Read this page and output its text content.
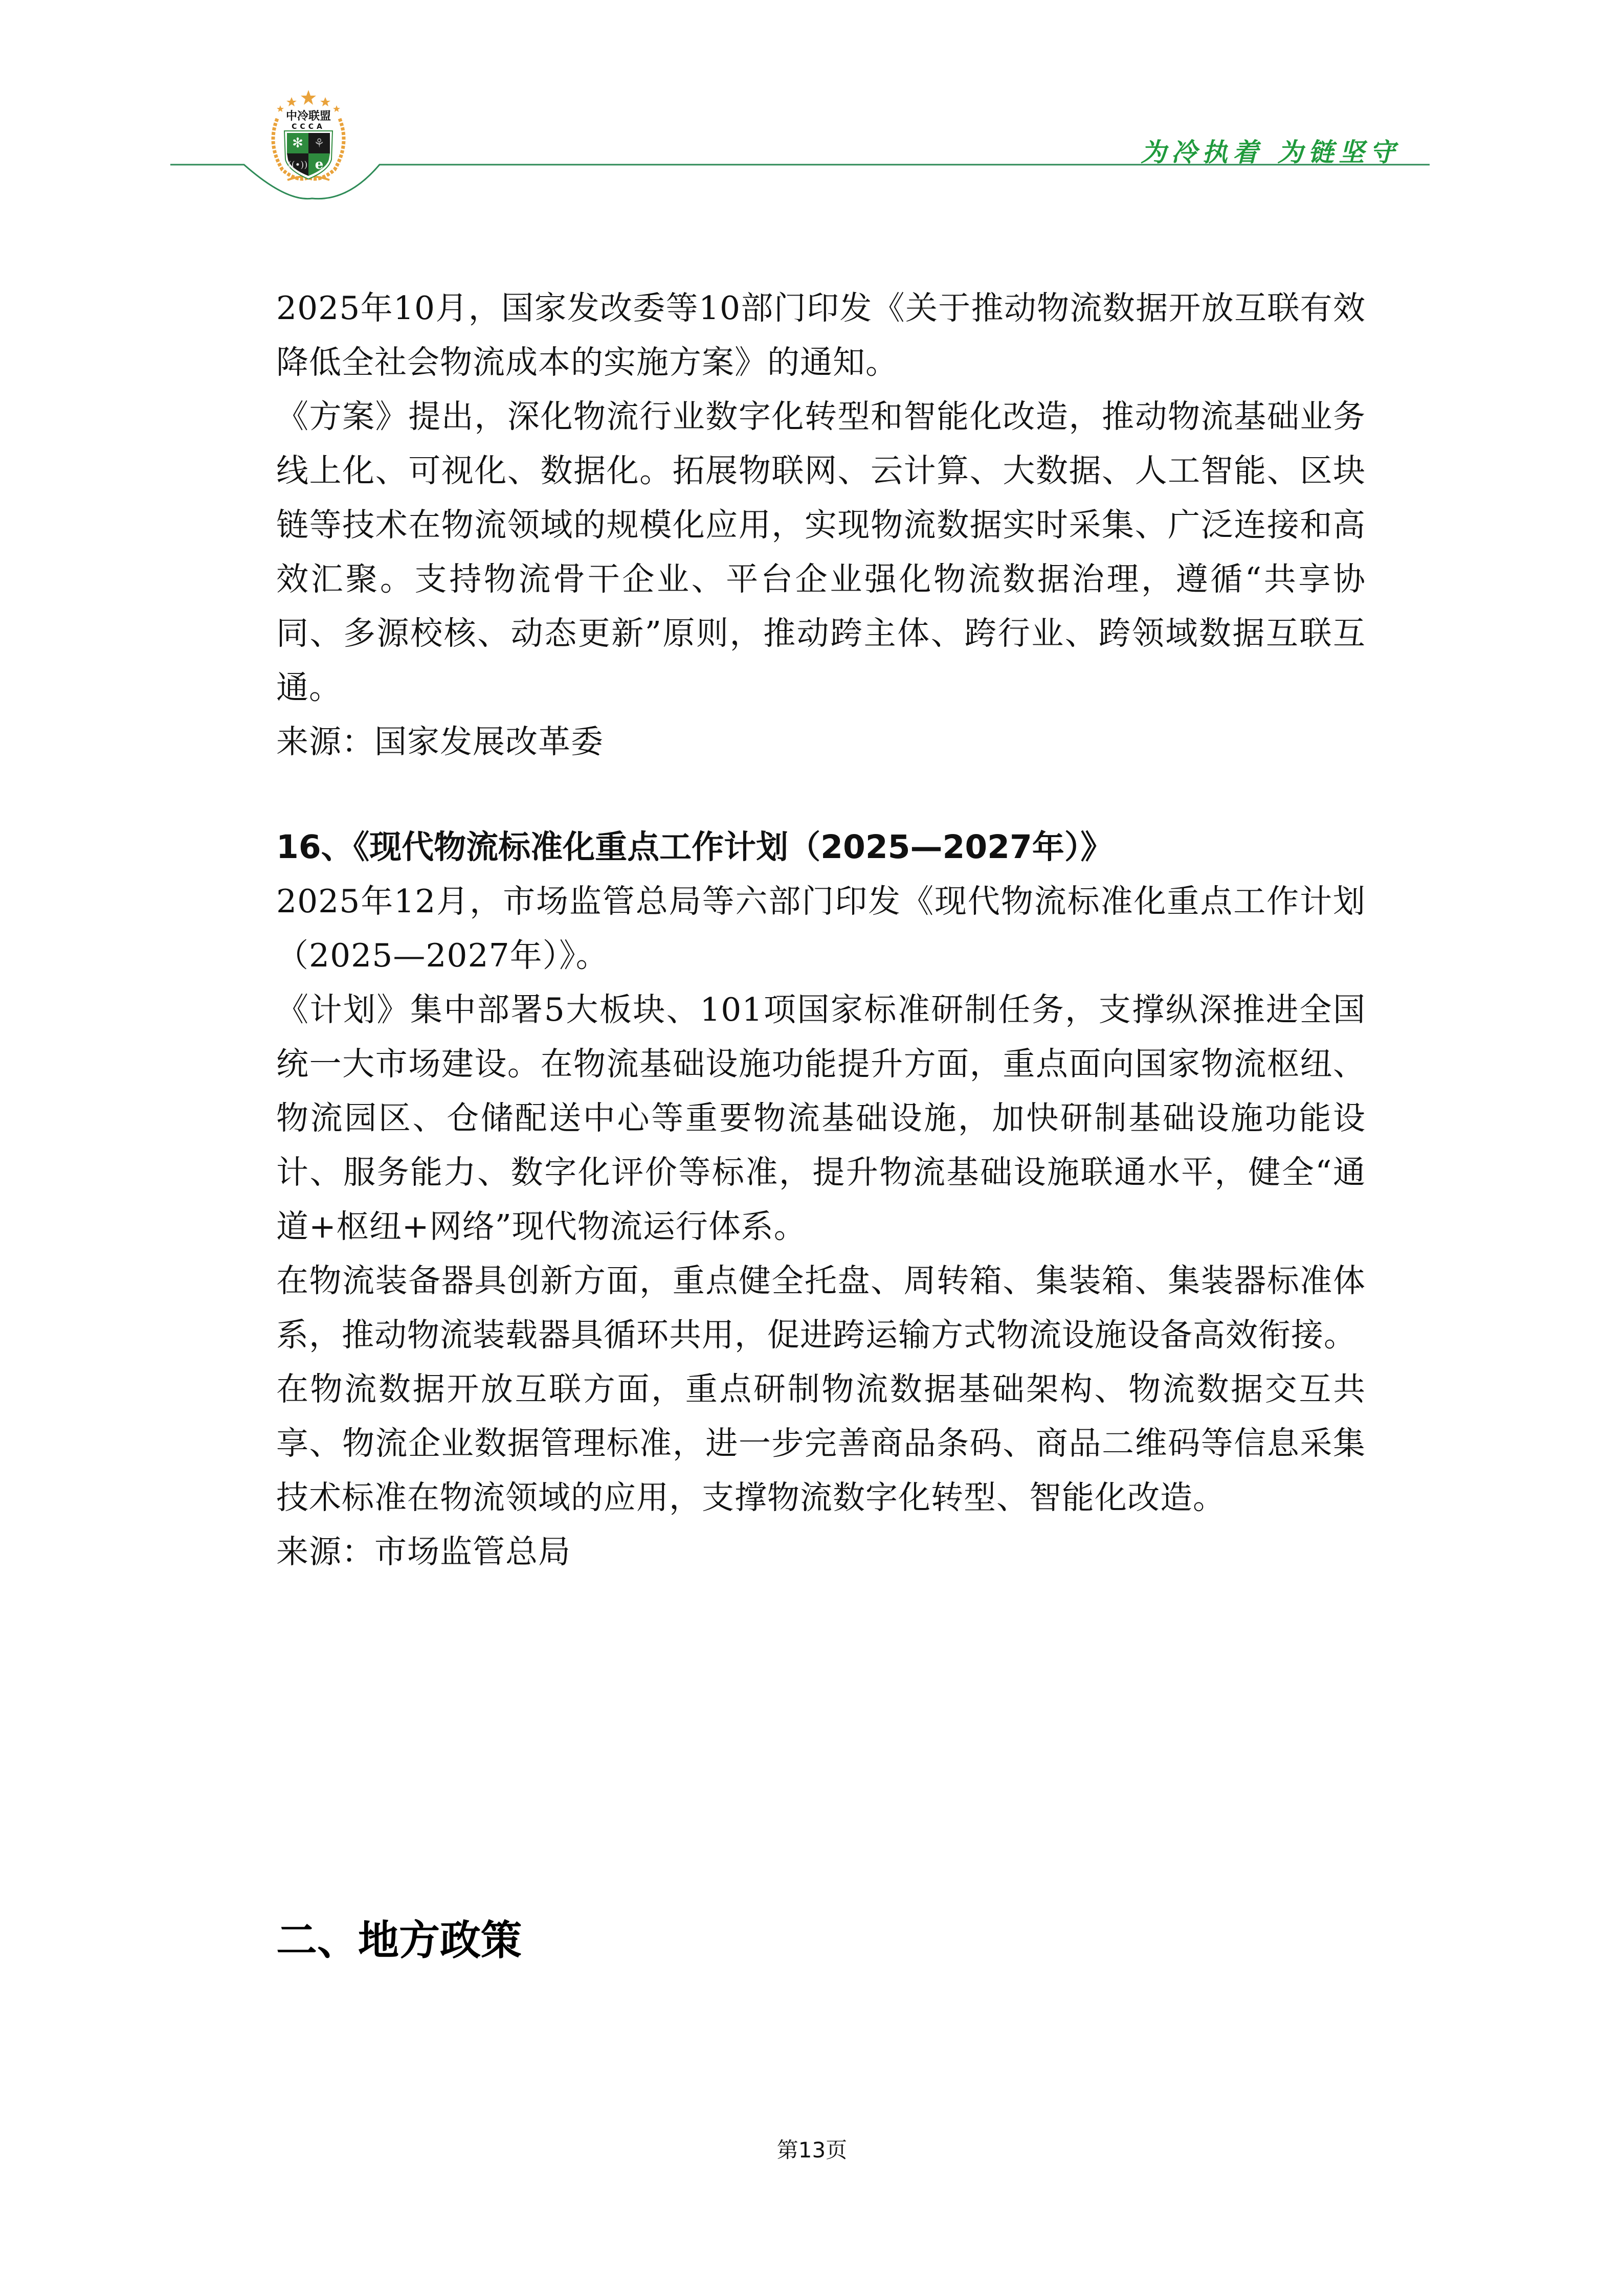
中冷联盟
CCCA
✻ ⚘
((•)) e	为冷执着 为链坚守

2025年10月，国家发改委等10部门印发《关于推动物流数据开放互联有效降低全社会物流成本的实施方案》的通知。

《方案》提出，深化物流行业数字化转型和智能化改造，推动物流基础业务线上化、可视化、数据化。拓展物联网、云计算、大数据、人工智能、区块链等技术在物流领域的规模化应用，实现物流数据实时采集、广泛连接和高效汇聚。支持物流骨干企业、平台企业强化物流数据治理，遵循“共享协同、多源校核、动态更新”原则，推动跨主体、跨行业、跨领域数据互联互通。

来源：国家发展改革委

16、《现代物流标准化重点工作计划（2025—2027年）》

2025年12月，市场监管总局等六部门印发《现代物流标准化重点工作计划（2025—2027年）》。

《计划》集中部署5大板块、101项国家标准研制任务，支撑纵深推进全国统一大市场建设。在物流基础设施功能提升方面，重点面向国家物流枢纽、物流园区、仓储配送中心等重要物流基础设施，加快研制基础设施功能设计、服务能力、数字化评价等标准，提升物流基础设施联通水平，健全“通道+枢纽+网络”现代物流运行体系。

在物流装备器具创新方面，重点健全托盘、周转箱、集装箱、集装器标准体系，推动物流装载器具循环共用，促进跨运输方式物流设施设备高效衔接。

在物流数据开放互联方面，重点研制物流数据基础架构、物流数据交互共享、物流企业数据管理标准，进一步完善商品条码、商品二维码等信息采集技术标准在物流领域的应用，支撑物流数字化转型、智能化改造。

来源：市场监管总局

二、地方政策
第13页
